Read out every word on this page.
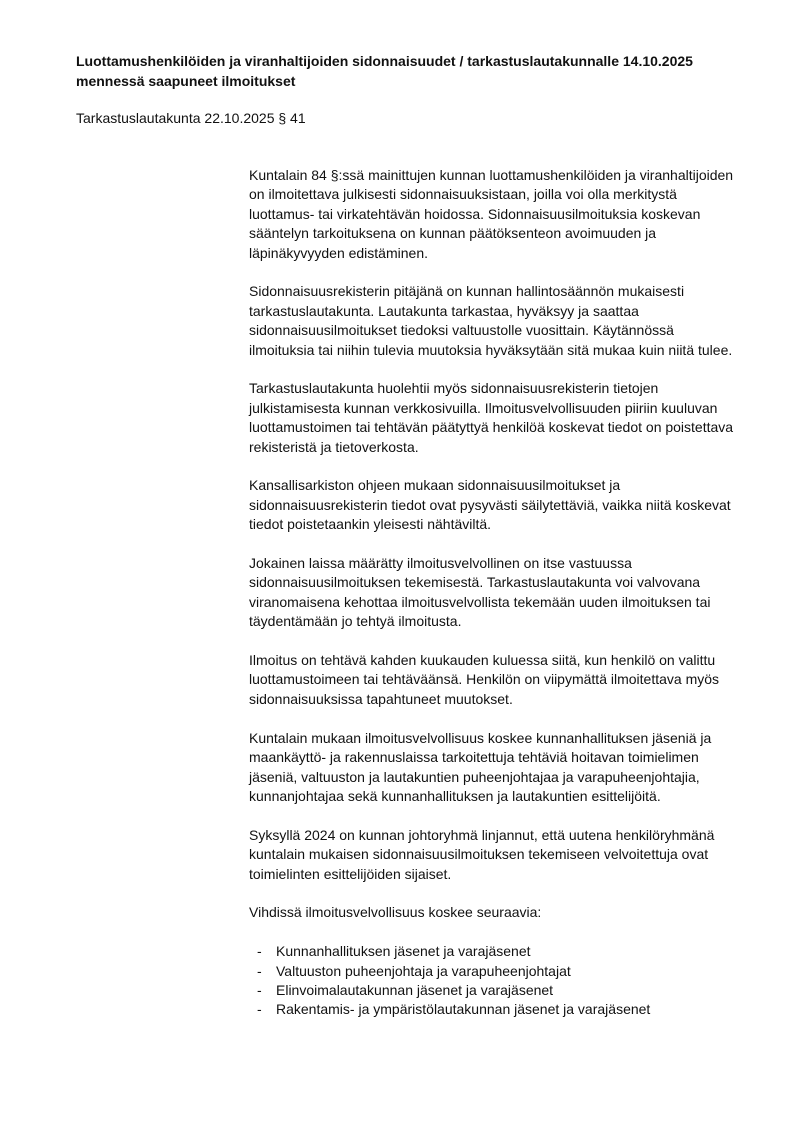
Luottamushenkilöiden ja viranhaltijoiden sidonnaisuudet / tarkastuslautakunnalle 14.10.2025 mennessä saapuneet ilmoitukset
Tarkastuslautakunta 22.10.2025 § 41

Kuntalain 84 §:ssä mainittujen kunnan luottamushenkilöiden ja viranhaltijoiden on ilmoitettava julkisesti sidonnaisuuksistaan, joilla voi olla merkitystä luottamus- tai virkatehtävän hoidossa. Sidonnaisuusilmoituksia koskevan sääntelyn tarkoituksena on kunnan päätöksenteon avoimuuden ja läpinäkyvyyden edistäminen.

Sidonnaisuusrekisterin pitäjänä on kunnan hallintosäännön mukaisesti tarkastuslautakunta. Lautakunta tarkastaa, hyväksyy ja saattaa sidonnaisuusilmoitukset tiedoksi valtuustolle vuosittain. Käytännössä ilmoituksia tai niihin tulevia muutoksia hyväksytään sitä mukaa kuin niitä tulee.

Tarkastuslautakunta huolehtii myös sidonnaisuusrekisterin tietojen julkistamisesta kunnan verkkosivuilla. Ilmoitusvelvollisuuden piiriin kuuluvan luottamustoimen tai tehtävän päätyttyä henkilöä koskevat tiedot on poistettava rekisteristä ja tietoverkosta.

Kansallisarkiston ohjeen mukaan sidonnaisuusilmoitukset ja sidonnaisuusrekisterin tiedot ovat pysyvästi säilytettäviä, vaikka niitä koskevat tiedot poistetaankin yleisesti nähtäviltä.

Jokainen laissa määrätty ilmoitusvelvollinen on itse vastuussa sidonnaisuusilmoituksen tekemisestä. Tarkastuslautakunta voi valvovana viranomaisena kehottaa ilmoitusvelvollista tekemään uuden ilmoituksen tai täydentämään jo tehtyä ilmoitusta.

Ilmoitus on tehtävä kahden kuukauden kuluessa siitä, kun henkilö on valittu luottamustoimeen tai tehtäväänsä. Henkilön on viipymättä ilmoitettava myös sidonnaisuuksissa tapahtuneet muutokset.

Kuntalain mukaan ilmoitusvelvollisuus koskee kunnanhallituksen jäseniä ja maankäyttö- ja rakennuslaissa tarkoitettuja tehtäviä hoitavan toimielimen jäseniä, valtuuston ja lautakuntien puheenjohtajaa ja varapuheenjohtajia, kunnanjohtajaa sekä kunnanhallituksen ja lautakuntien esittelijöitä.

Syksyllä 2024 on kunnan johtoryhmä linjannut, että uutena henkilöryhmänä kuntalain mukaisen sidonnaisuusilmoituksen tekemiseen velvoitettuja ovat toimielinten esittelijöiden sijaiset.

Vihdissä ilmoitusvelvollisuus koskee seuraavia:

- Kunnanhallituksen jäsenet ja varajäsenet
- Valtuuston puheenjohtaja ja varapuheenjohtajat
- Elinvoimalautakunnan jäsenet ja varajäsenet
- Rakentamis- ja ympäristölautakunnan jäsenet ja varajäsenet
